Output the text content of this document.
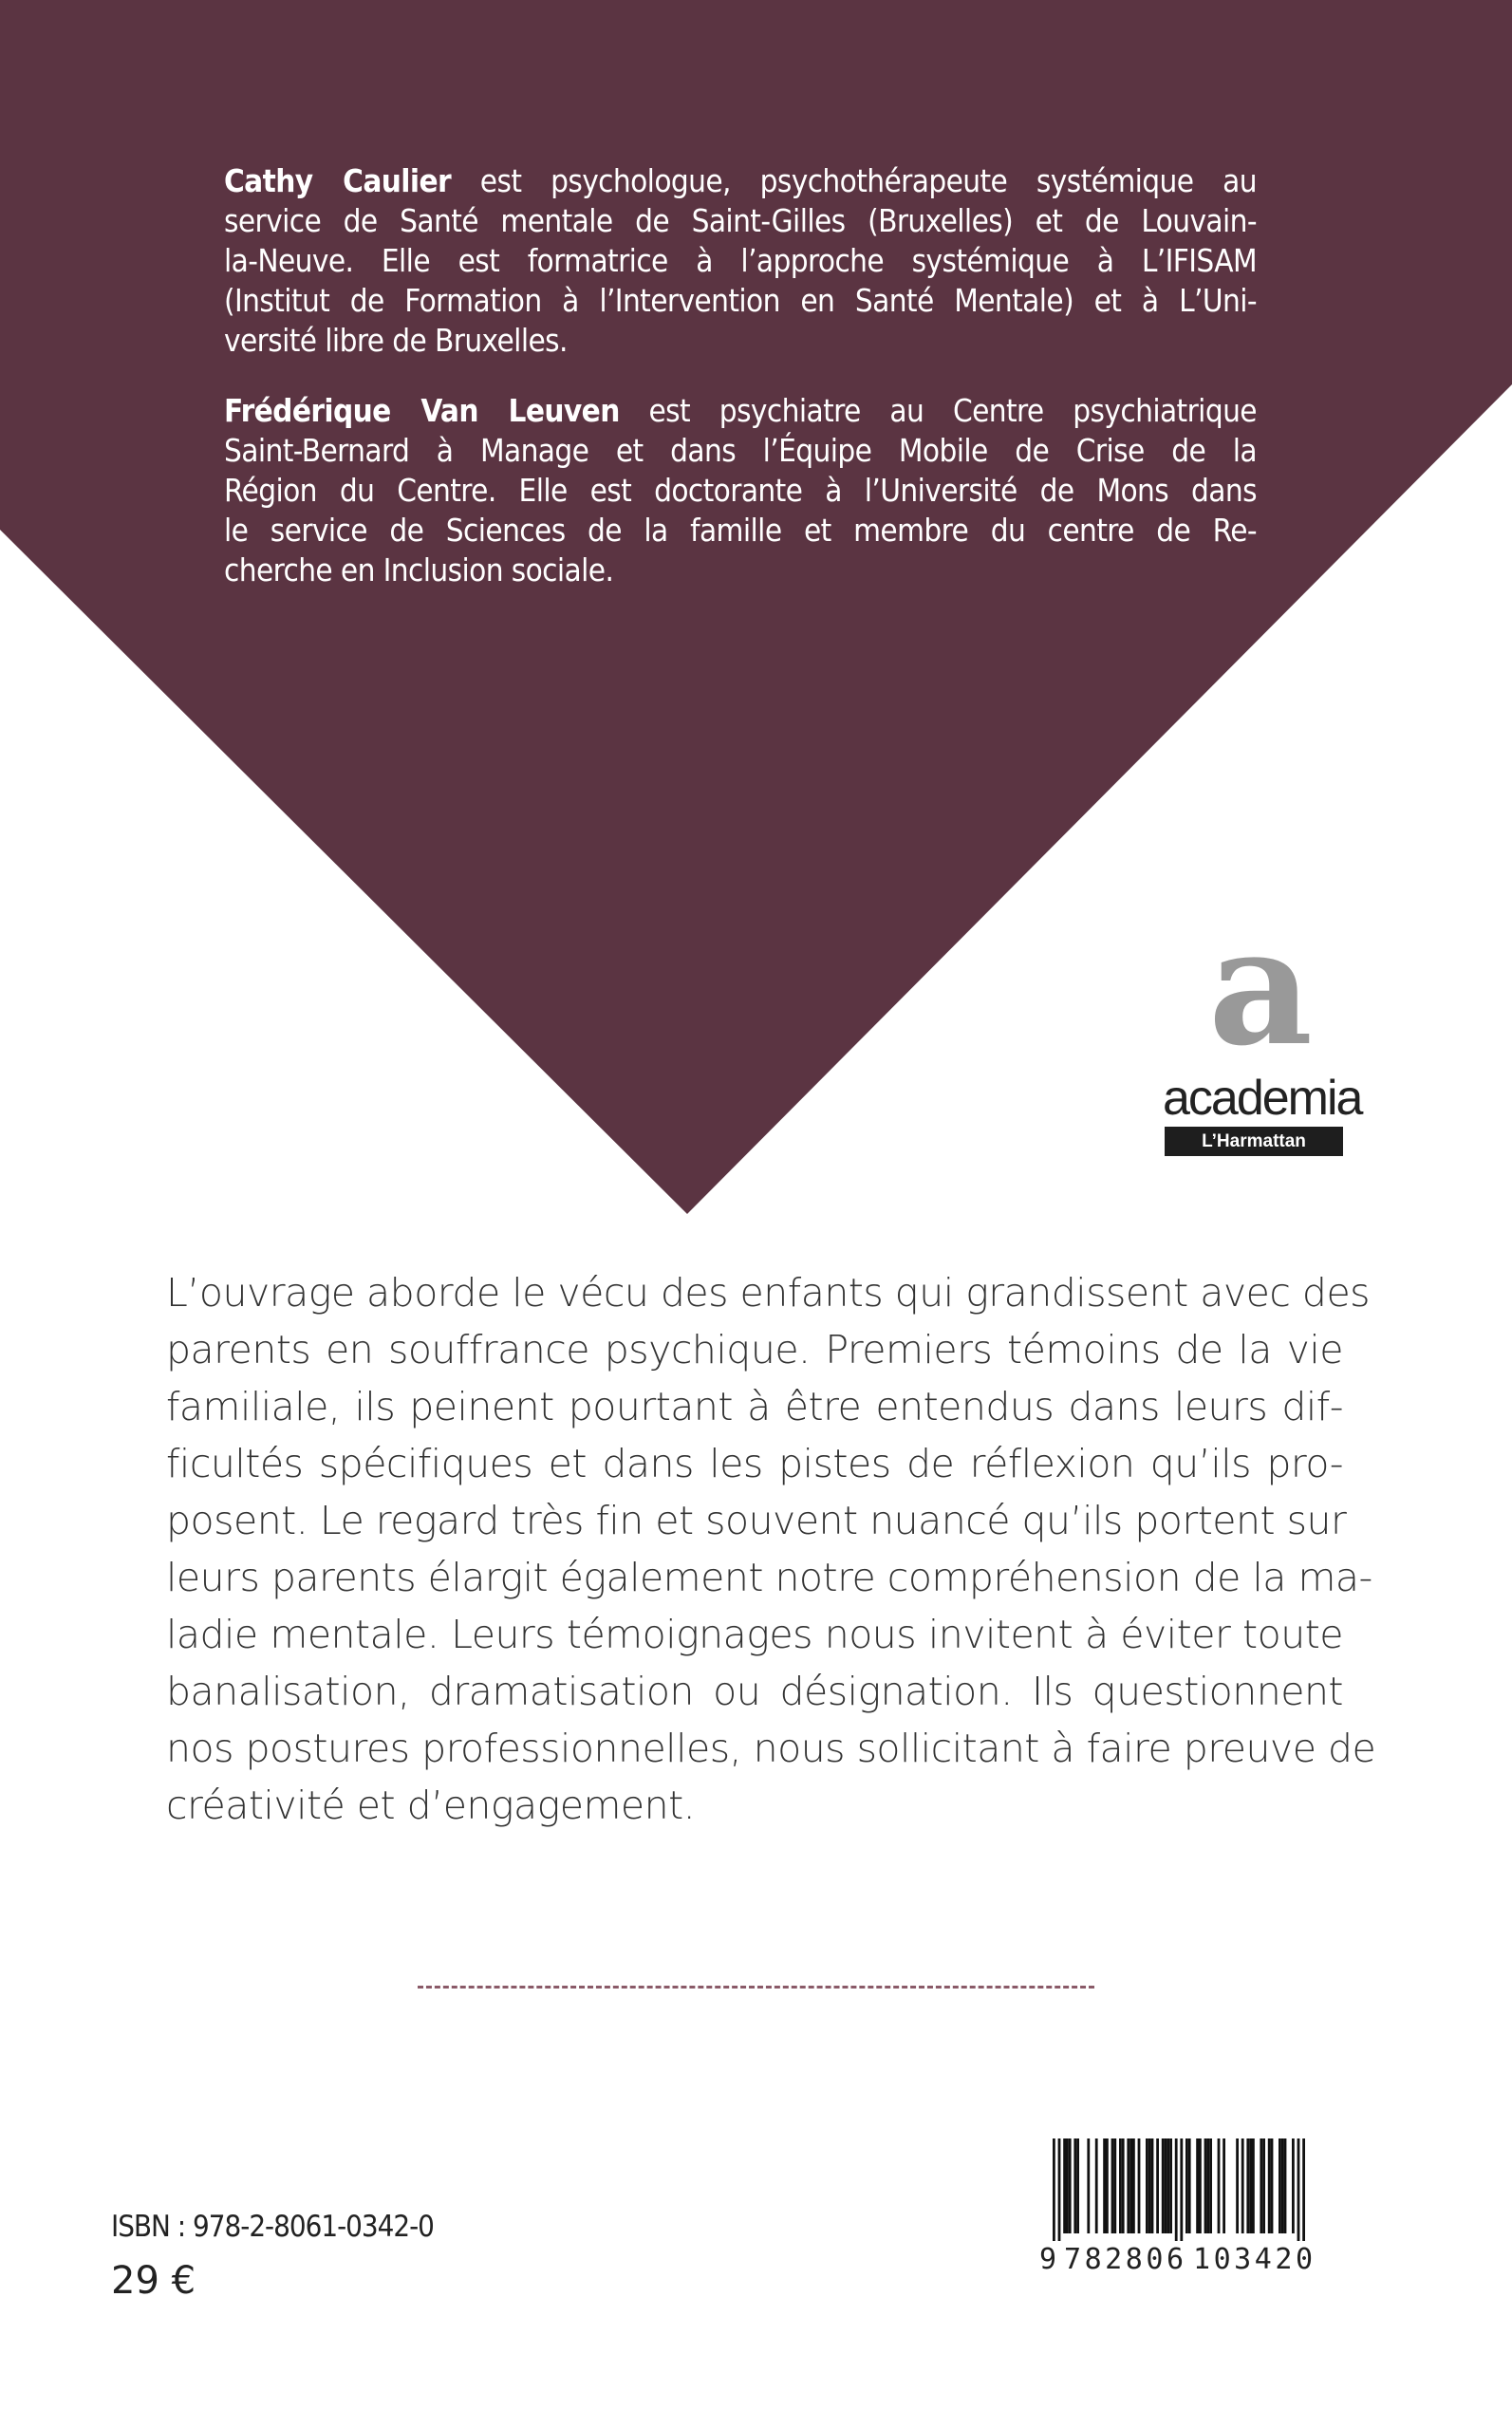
Cathy Caulier est psychologue, psychothérapeute systémique au
service de Santé mentale de Saint-Gilles (Bruxelles) et de Louvain-
la-Neuve. Elle est formatrice à l’approche systémique à L’IFISAM
(Institut de Formation à l’Intervention en Santé Mentale) et à L’Uni-
versité libre de Bruxelles.
Frédérique Van Leuven est psychiatre au Centre psychiatrique
Saint-Bernard à Manage et dans l’Équipe Mobile de Crise de la
Région du Centre. Elle est doctorante à l’Université de Mons dans
le service de Sciences de la famille et membre du centre de Re-
cherche en Inclusion sociale.
a
academia
L’Harmattan
L’ouvrage aborde le vécu des enfants qui grandissent avec des
parents en souffrance psychique. Premiers témoins de la vie
familiale, ils peinent pourtant à être entendus dans leurs dif-
ficultés spécifiques et dans les pistes de réflexion qu’ils pro-
posent. Le regard très fin et souvent nuancé qu’ils portent sur
leurs parents élargit également notre compréhension de la ma-
ladie mentale. Leurs témoignages nous invitent à éviter toute
banalisation, dramatisation ou désignation. Ils questionnent
nos postures professionnelles, nous sollicitant à faire preuve de
créativité et d’engagement.
ISBN : 978-2-8061-0342-0
29 €	9 782806 103420
